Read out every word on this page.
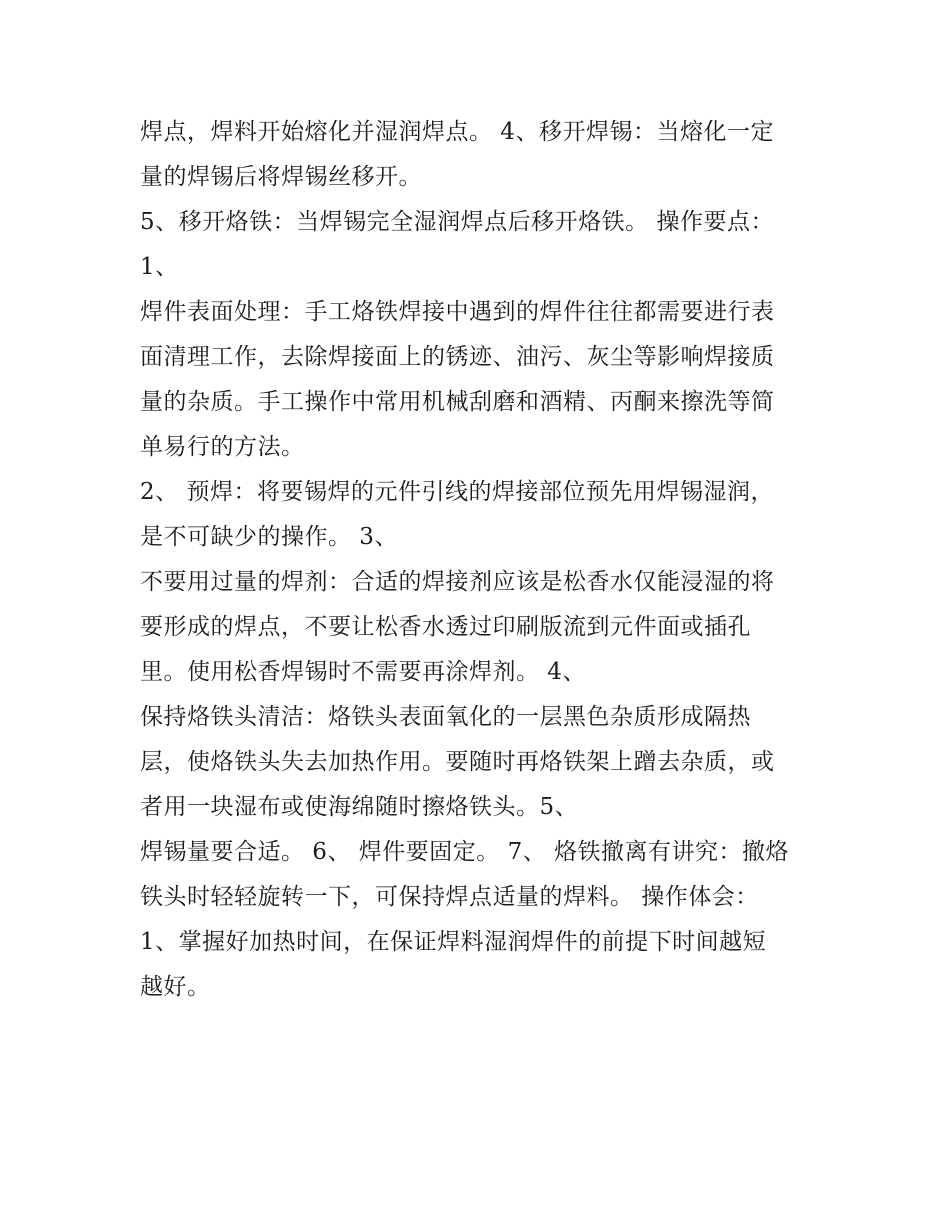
焊点，焊料开始熔化并湿润焊点。 4、移开焊锡：当熔化一定
量的焊锡后将焊锡丝移开。
5、移开烙铁：当焊锡完全湿润焊点后移开烙铁。 操作要点：
1、
焊件表面处理：手工烙铁焊接中遇到的焊件往往都需要进行表
面清理工作，去除焊接面上的锈迹、油污、灰尘等影响焊接质
量的杂质。手工操作中常用机械刮磨和酒精、丙酮来擦洗等简
单易行的方法。
2、 预焊：将要锡焊的元件引线的焊接部位预先用焊锡湿润，
是不可缺少的操作。 3、
不要用过量的焊剂：合适的焊接剂应该是松香水仅能浸湿的将
要形成的焊点，不要让松香水透过印刷版流到元件面或插孔
里。使用松香焊锡时不需要再涂焊剂。 4、
保持烙铁头清洁：烙铁头表面氧化的一层黑色杂质形成隔热
层，使烙铁头失去加热作用。要随时再烙铁架上蹭去杂质，或
者用一块湿布或使海绵随时擦烙铁头。5、
焊锡量要合适。 6、 焊件要固定。 7、 烙铁撤离有讲究：撤烙
铁头时轻轻旋转一下，可保持焊点适量的焊料。 操作体会：
1、掌握好加热时间，在保证焊料湿润焊件的前提下时间越短
越好。
